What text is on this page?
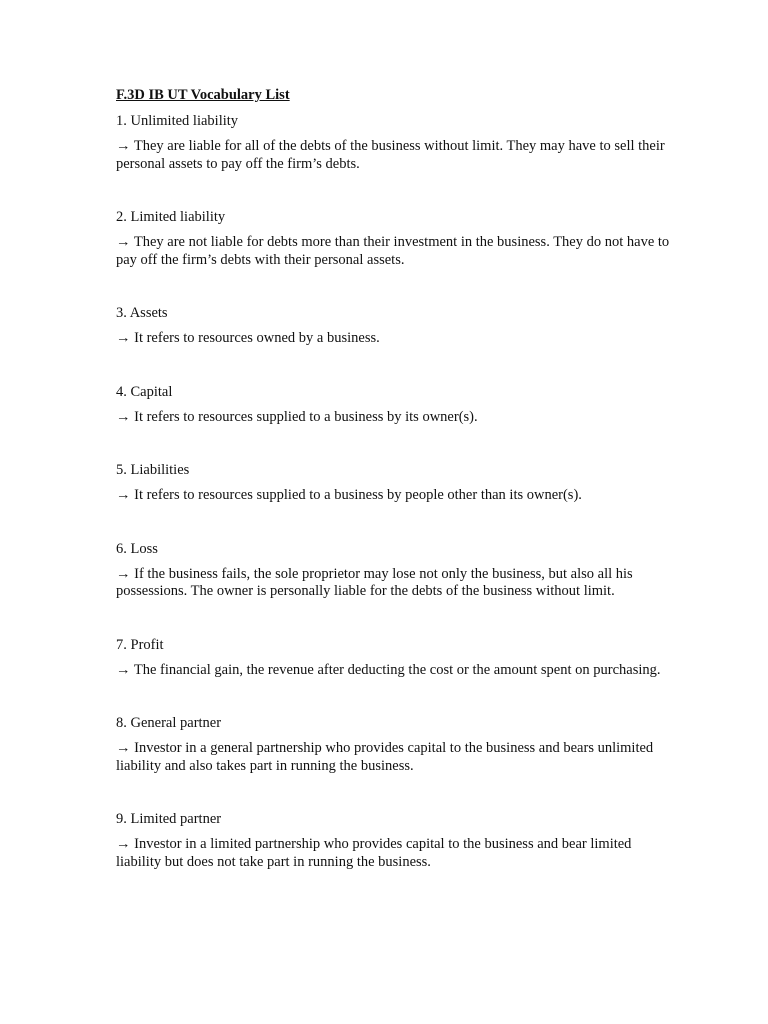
F.3D IB UT Vocabulary List
1. Unlimited liability
→ They are liable for all of the debts of the business without limit. They may have to sell their personal assets to pay off the firm’s debts.
2. Limited liability
→ They are not liable for debts more than their investment in the business. They do not have to pay off the firm’s debts with their personal assets.
3. Assets
→ It refers to resources owned by a business.
4. Capital
→ It refers to resources supplied to a business by its owner(s).
5. Liabilities
→ It refers to resources supplied to a business by people other than its owner(s).
6. Loss
→ If the business fails, the sole proprietor may lose not only the business, but also all his possessions. The owner is personally liable for the debts of the business without limit.
7. Profit
→ The financial gain, the revenue after deducting the cost or the amount spent on purchasing.
8. General partner
→ Investor in a general partnership who provides capital to the business and bears unlimited liability and also takes part in running the business.
9. Limited partner
→ Investor in a limited partnership who provides capital to the business and bear limited liability but does not take part in running the business.
